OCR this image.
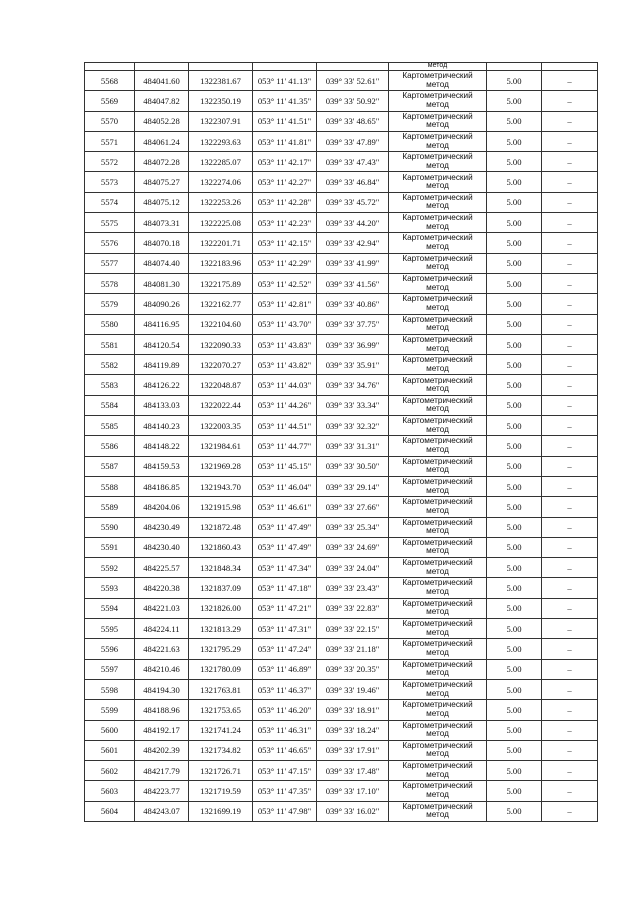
					метод		

5568	484041.60	1322381.67	053° 11' 41.13"	039° 33' 52.61"	Картометрический
метод	5.00	–
5569	484047.82	1322350.19	053° 11' 41.35"	039° 33' 50.92"	Картометрический
метод	5.00	–
5570	484052.28	1322307.91	053° 11' 41.51"	039° 33' 48.65"	Картометрический
метод	5.00	–
5571	484061.24	1322293.63	053° 11' 41.81"	039° 33' 47.89"	Картометрический
метод	5.00	–
5572	484072.28	1322285.07	053° 11' 42.17"	039° 33' 47.43"	Картометрический
метод	5.00	–
5573	484075.27	1322274.06	053° 11' 42.27"	039° 33' 46.84"	Картометрический
метод	5.00	–
5574	484075.12	1322253.26	053° 11' 42.28"	039° 33' 45.72"	Картометрический
метод	5.00	–
5575	484073.31	1322225.08	053° 11' 42.23"	039° 33' 44.20"	Картометрический
метод	5.00	–
5576	484070.18	1322201.71	053° 11' 42.15"	039° 33' 42.94"	Картометрический
метод	5.00	–
5577	484074.40	1322183.96	053° 11' 42.29"	039° 33' 41.99"	Картометрический
метод	5.00	–
5578	484081.30	1322175.89	053° 11' 42.52"	039° 33' 41.56"	Картометрический
метод	5.00	–
5579	484090.26	1322162.77	053° 11' 42.81"	039° 33' 40.86"	Картометрический
метод	5.00	–
5580	484116.95	1322104.60	053° 11' 43.70"	039° 33' 37.75"	Картометрический
метод	5.00	–
5581	484120.54	1322090.33	053° 11' 43.83"	039° 33' 36.99"	Картометрический
метод	5.00	–
5582	484119.89	1322070.27	053° 11' 43.82"	039° 33' 35.91"	Картометрический
метод	5.00	–
5583	484126.22	1322048.87	053° 11' 44.03"	039° 33' 34.76"	Картометрический
метод	5.00	–
5584	484133.03	1322022.44	053° 11' 44.26"	039° 33' 33.34"	Картометрический
метод	5.00	–
5585	484140.23	1322003.35	053° 11' 44.51"	039° 33' 32.32"	Картометрический
метод	5.00	–
5586	484148.22	1321984.61	053° 11' 44.77"	039° 33' 31.31"	Картометрический
метод	5.00	–
5587	484159.53	1321969.28	053° 11' 45.15"	039° 33' 30.50"	Картометрический
метод	5.00	–
5588	484186.85	1321943.70	053° 11' 46.04"	039° 33' 29.14"	Картометрический
метод	5.00	–
5589	484204.06	1321915.98	053° 11' 46.61"	039° 33' 27.66"	Картометрический
метод	5.00	–
5590	484230.49	1321872.48	053° 11' 47.49"	039° 33' 25.34"	Картометрический
метод	5.00	–
5591	484230.40	1321860.43	053° 11' 47.49"	039° 33' 24.69"	Картометрический
метод	5.00	–
5592	484225.57	1321848.34	053° 11' 47.34"	039° 33' 24.04"	Картометрический
метод	5.00	–
5593	484220.38	1321837.09	053° 11' 47.18"	039° 33' 23.43"	Картометрический
метод	5.00	–
5594	484221.03	1321826.00	053° 11' 47.21"	039° 33' 22.83"	Картометрический
метод	5.00	–
5595	484224.11	1321813.29	053° 11' 47.31"	039° 33' 22.15"	Картометрический
метод	5.00	–
5596	484221.63	1321795.29	053° 11' 47.24"	039° 33' 21.18"	Картометрический
метод	5.00	–
5597	484210.46	1321780.09	053° 11' 46.89"	039° 33' 20.35"	Картометрический
метод	5.00	–
5598	484194.30	1321763.81	053° 11' 46.37"	039° 33' 19.46"	Картометрический
метод	5.00	–
5599	484188.96	1321753.65	053° 11' 46.20"	039° 33' 18.91"	Картометрический
метод	5.00	–
5600	484192.17	1321741.24	053° 11' 46.31"	039° 33' 18.24"	Картометрический
метод	5.00	–
5601	484202.39	1321734.82	053° 11' 46.65"	039° 33' 17.91"	Картометрический
метод	5.00	–
5602	484217.79	1321726.71	053° 11' 47.15"	039° 33' 17.48"	Картометрический
метод	5.00	–
5603	484223.77	1321719.59	053° 11' 47.35"	039° 33' 17.10"	Картометрический
метод	5.00	–
5604	484243.07	1321699.19	053° 11' 47.98"	039° 33' 16.02"	Картометрический
метод	5.00	–
